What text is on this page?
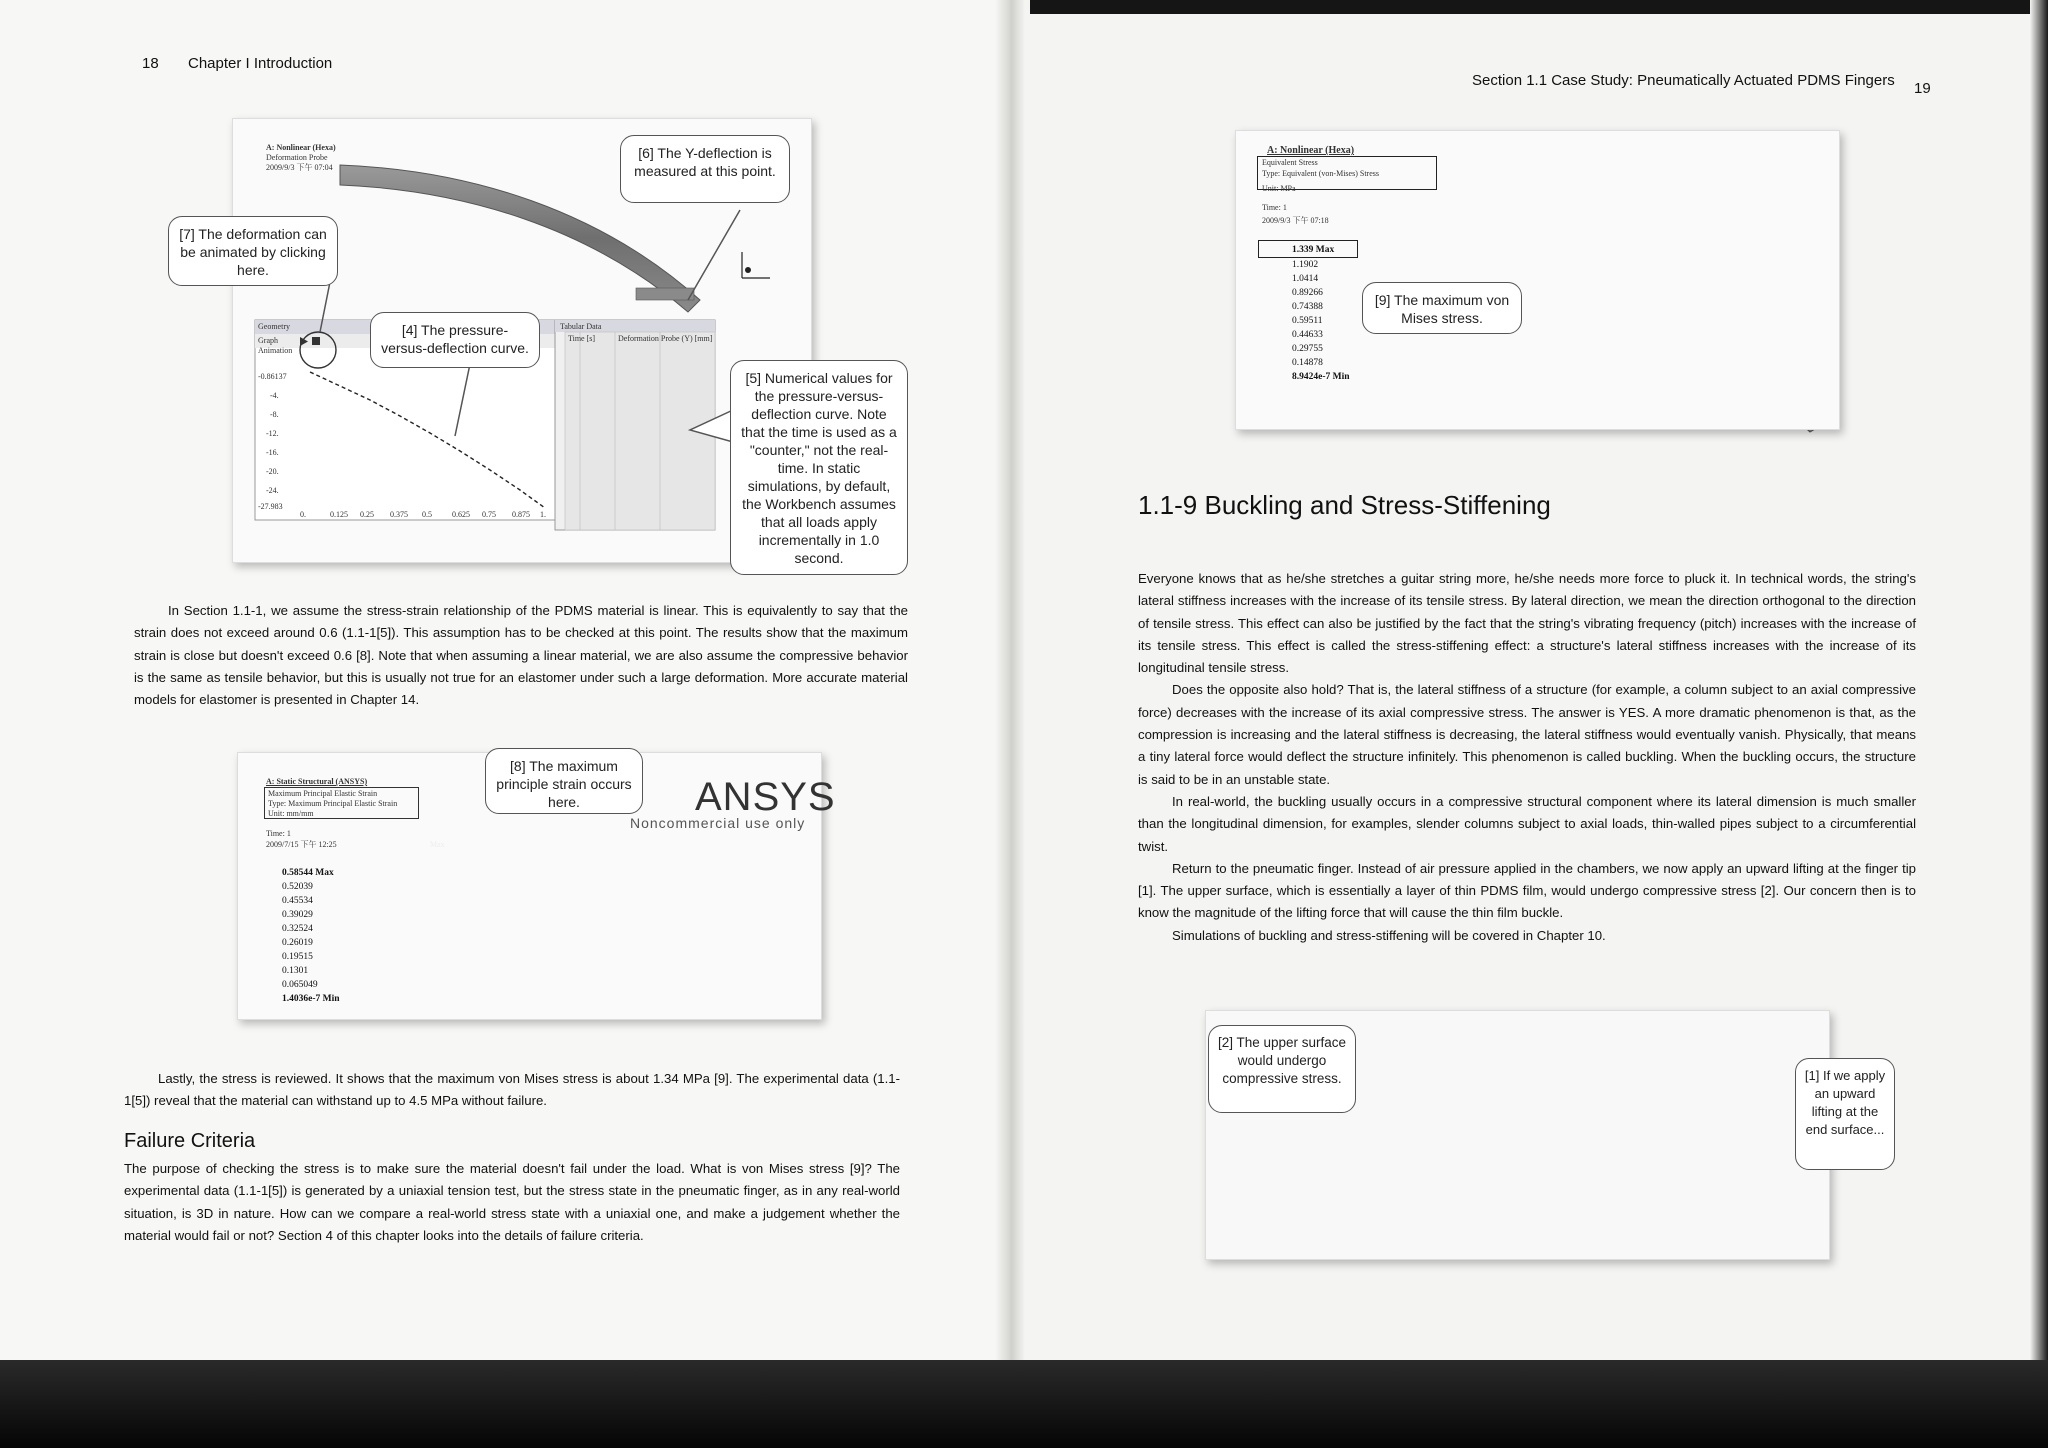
18 Chapter I Introduction
A: Nonlinear (Hexa)
Deformation Probe
2009/9/3 下午 07:04
Geometry
Graph
Animation
Tabular Data
Time [s]	Deformation Probe (Y) [mm]
-0.86137
-4.
-8.
-12.
-16.
-20.
-24.
-27.983
0.	0.125 0.25 0.375 0.5	0.625 0.75 0.875 1.
[6] The Y-deflection is measured at this point.
[7] The deformation can be animated by clicking here.
[4] The pressure-versus-deflection curve.
[5] Numerical values for the pressure-versus-deflection curve. Note that the time is used as a "counter," not the real-time. In static simulations, by default, the Workbench assumes that all loads apply incrementally in 1.0 second.

In Section 1.1-1, we assume the stress-strain relationship of the PDMS material is linear. This is equivalently to say that the strain does not exceed around 0.6 (1.1-1[5]). This assumption has to be checked at this point. The results show that the maximum strain is close but doesn't exceed 0.6 [8]. Note that when assuming a linear material, we are also assume the compressive behavior is the same as tensile behavior, but this is usually not true for an elastomer under such a large deformation. More accurate material models for elastomer is presented in Chapter 14.

A: Static Structural (ANSYS)
Maximum Principal Elastic Strain
Type: Maximum Principal Elastic Strain
Unit: mm/mm
Time: 1
2009/7/15 下午 12:25
0.58544 Max
0.52039
0.45534
0.39029
0.32524
0.26019
0.19515
0.1301
0.065049
1.4036e-7 Min
ANSYS
Noncommercial use only
Max
[8] The maximum principle strain occurs here.

Lastly, the stress is reviewed. It shows that the maximum von Mises stress is about 1.34 MPa [9]. The experimental data (1.1-1[5]) reveal that the material can withstand up to 4.5 MPa without failure.

Failure Criteria

The purpose of checking the stress is to make sure the material doesn't fail under the load. What is von Mises stress [9]? The experimental data (1.1-1[5]) is generated by a uniaxial tension test, but the stress state in the pneumatic finger, as in any real-world situation, is 3D in nature. How can we compare a real-world stress state with a uniaxial one, and make a judgement whether the material would fail or not? Section 4 of this chapter looks into the details of failure criteria.

Section 1.1 Case Study: Pneumatically Actuated PDMS Fingers 19
A: Nonlinear (Hexa)
Equivalent Stress
Type: Equivalent (von-Mises) Stress
Unit: MPa
Time: 1
2009/9/3 下午 07:18
1.339 Max
1.1902
1.0414
0.89266
0.74388
0.59511
0.44633
0.29755
0.14878
8.9424e-7 Min
[9] The maximum von Mises stress.
1.1-9 Buckling and Stress-Stiffening

Everyone knows that as he/she stretches a guitar string more, he/she needs more force to pluck it. In technical words, the string's lateral stiffness increases with the increase of its tensile stress. By lateral direction, we mean the direction orthogonal to the direction of tensile stress. This effect can also be justified by the fact that the string's vibrating frequency (pitch) increases with the increase of its tensile stress. This effect is called the stress-stiffening effect: a structure's lateral stiffness increases with the increase of its longitudinal tensile stress.

Does the opposite also hold? That is, the lateral stiffness of a structure (for example, a column subject to an axial compressive force) decreases with the increase of its axial compressive stress. The answer is YES. A more dramatic phenomenon is that, as the compression is increasing and the lateral stiffness is decreasing, the lateral stiffness would eventually vanish. Physically, that means a tiny lateral force would deflect the structure infinitely. This phenomenon is called buckling. When the buckling occurs, the structure is said to be in an unstable state.

In real-world, the buckling usually occurs in a compressive structural component where its lateral dimension is much smaller than the longitudinal dimension, for examples, slender columns subject to axial loads, thin-walled pipes subject to a circumferential twist.

Return to the pneumatic finger. Instead of air pressure applied in the chambers, we now apply an upward lifting at the finger tip [1]. The upper surface, which is essentially a layer of thin PDMS film, would undergo compressive stress [2]. Our concern then is to know the magnitude of the lifting force that will cause the thin film buckle.

Simulations of buckling and stress-stiffening will be covered in Chapter 10.

[2] The upper surface would undergo compressive stress.	[1] If we apply an upward lifting at the end surface...
